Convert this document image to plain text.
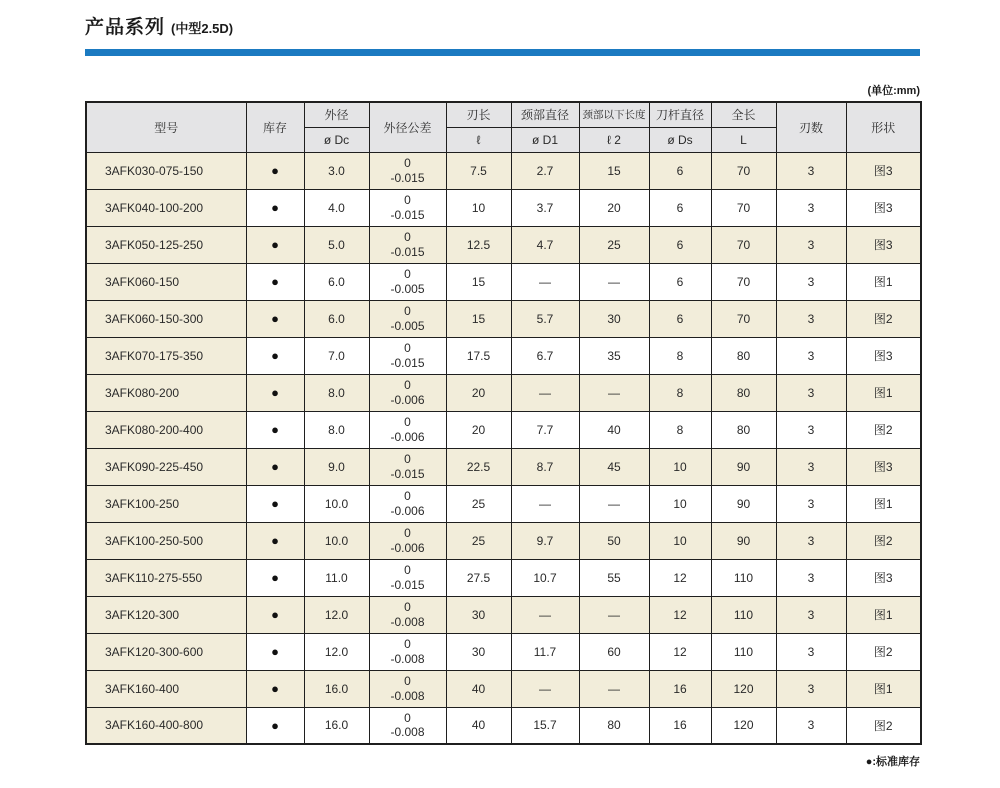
产品系列 (中型2.5D)
(单位:mm)
型号	库存	外径	外径公差	刃长	颈部直径	颈部以下长度	刀杆直径	全长	刃数	形状
		ø Dc		ℓ	ø D1	ℓ 2	ø Ds	L		
3AFK030-075-150	●	3.0	0
-0.015	7.5	2.7	15	6	70	3	图3
3AFK040-100-200	●	4.0	0
-0.015	10	3.7	20	6	70	3	图3
3AFK050-125-250	●	5.0	0
-0.015	12.5	4.7	25	6	70	3	图3
3AFK060-150	●	6.0	0
-0.005	15	—	—	6	70	3	图1
3AFK060-150-300	●	6.0	0
-0.005	15	5.7	30	6	70	3	图2
3AFK070-175-350	●	7.0	0
-0.015	17.5	6.7	35	8	80	3	图3
3AFK080-200	●	8.0	0
-0.006	20	—	—	8	80	3	图1
3AFK080-200-400	●	8.0	0
-0.006	20	7.7	40	8	80	3	图2
3AFK090-225-450	●	9.0	0
-0.015	22.5	8.7	45	10	90	3	图3
3AFK100-250	●	10.0	0
-0.006	25	—	—	10	90	3	图1
3AFK100-250-500	●	10.0	0
-0.006	25	9.7	50	10	90	3	图2
3AFK110-275-550	●	11.0	0
-0.015	27.5	10.7	55	12	110	3	图3
3AFK120-300	●	12.0	0
-0.008	30	—	—	12	110	3	图1
3AFK120-300-600	●	12.0	0
-0.008	30	11.7	60	12	110	3	图2
3AFK160-400	●	16.0	0
-0.008	40	—	—	16	120	3	图1
3AFK160-400-800	●	16.0	0
-0.008	40	15.7	80	16	120	3	图2
●:标准库存
